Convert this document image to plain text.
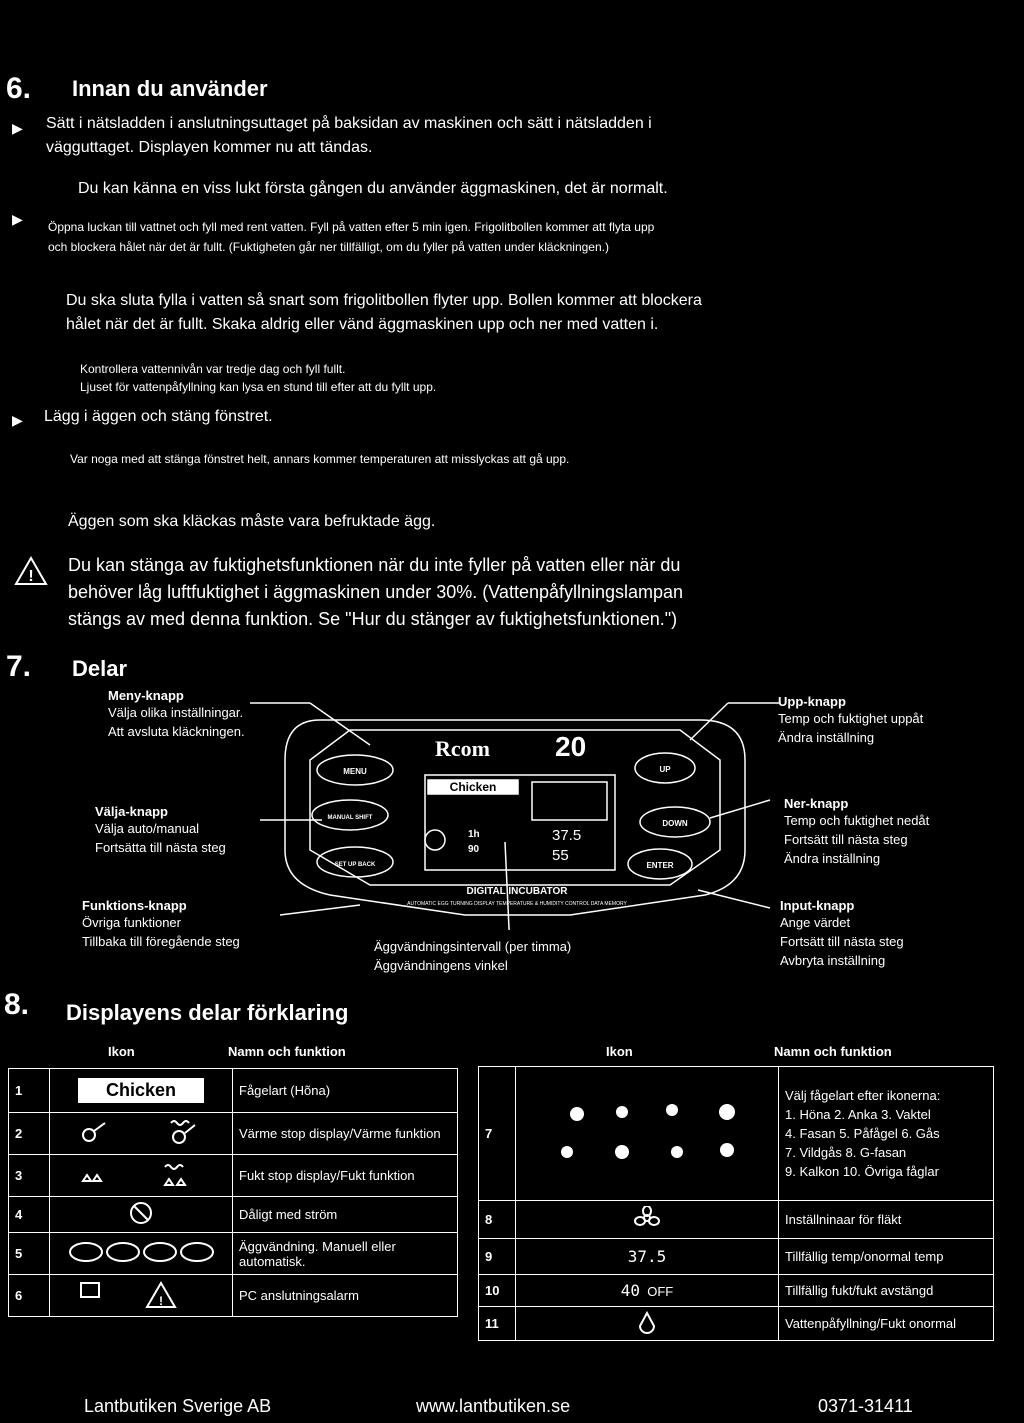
6. Innan du använder
▶ Sätt i nätsladden i anslutningsuttaget på baksidan av maskinen och sätt i nätsladden i
vägguttaget. Displayen kommer nu att tändas.
Du kan känna en viss lukt första gången du använder äggmaskinen, det är normalt.
▶ Öppna luckan till vattnet och fyll med rent vatten. Fyll på vatten efter 5 min igen. Frigolitbollen kommer att flyta upp
och blockera hålet när det är fullt. (Fuktigheten går ner tillfälligt, om du fyller på vatten under kläckningen.)
Du ska sluta fylla i vatten så snart som frigolitbollen flyter upp. Bollen kommer att blockera
hålet när det är fullt. Skaka aldrig eller vänd äggmaskinen upp och ner med vatten i.
Kontrollera vattennivån var tredje dag och fyll fullt.
Ljuset för vattenpåfyllning kan lysa en stund till efter att du fyllt upp.
▶ Lägg i äggen och stäng fönstret.
Var noga med att stänga fönstret helt, annars kommer temperaturen att misslyckas att gå upp.
Äggen som ska kläckas måste vara befruktade ägg.
!
Du kan stänga av fuktighetsfunktionen när du inte fyller på vatten eller när du
behöver låg luftfuktighet i äggmaskinen under 30%. (Vattenpåfyllningslampan
stängs av med denna funktion. Se "Hur du stänger av fuktighetsfunktionen.")
7. Delar
Meny-knapp
Välja olika inställningar.
Att avsluta kläckningen.
Välja-knapp
Välja auto/manual
Fortsätta till nästa steg
Funktions-knapp
Övriga funktioner
Tillbaka till föregående steg
Upp-knapp
Temp och fuktighet uppåt
Ändra inställning
Ner-knapp
Temp och fuktighet nedåt
Fortsätt till nästa steg
Ändra inställning
Input-knapp
Ange värdet
Fortsätt till nästa steg
Avbryta inställning
Äggvändningsintervall (per timma)
Äggvändningens vinkel
Rcom 20
MENU
MANUAL SHIFT
SET UP BACK
UP
DOWN
ENTER
Chicken
37.5
55
1h
90
DIGITAL INCUBATOR
AUTOMATIC EGG TURNING DISPLAY TEMPERATURE & HUMIDITY CONTROL DATA MEMORY
8. Displayens delar förklaring
Ikon	Namn och funktion	Ikon	Namn och funktion
1	Chicken	Fågelart (Hõna)
2		Värme stop display/Värme funktion
3		Fukt stop display/Fukt funktion
4		Dåligt med ström
5		Äggvändning. Manuell eller automatisk.
6	!	PC anslutningsalarm
7		Välj fågelart efter ikonerna:
1. Höna 2. Anka 3. Vaktel
4. Fasan 5. Påfågel 6. Gås
7. Vildgås 8. G-fasan
9. Kalkon 10. Övriga fåglar

8		Inställninaar för fläkt
9	37.5	Tillfällig temp/onormal temp
10	40 OFF	Tillfällig fukt/fukt avstängd
11		Vattenpåfyllning/Fukt onormal
Lantbutiken Sverige AB	www.lantbutiken.se	0371-31411
